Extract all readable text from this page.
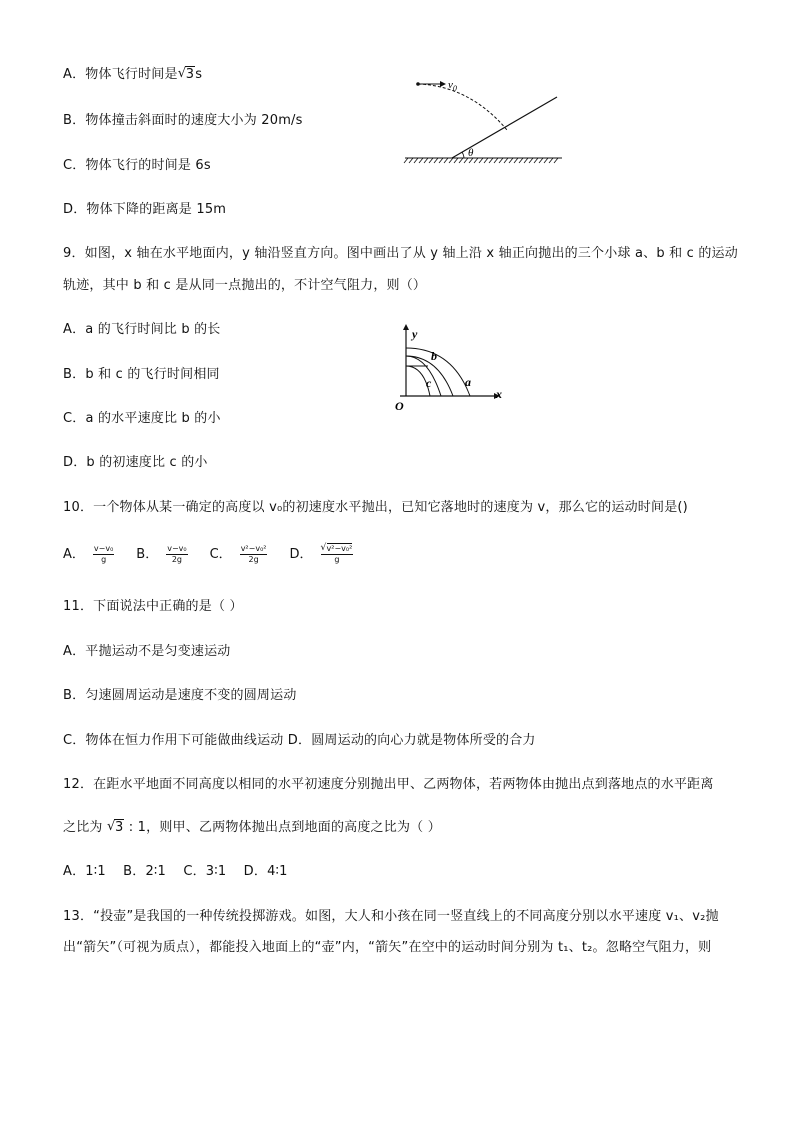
A．物体飞行时间是 √ 3s
B．物体撞击斜面时的速度大小为 20m/s
C．物体飞行的时间是 6s
D．物体下降的距离是 15m
$v_0$
θ
9．如图，x 轴在水平地面内，y 轴沿竖直方向。图中画出了从 y 轴上沿 x 轴正向抛出的三个小球 a、b 和 c 的运动
轨迹，其中 b 和 c 是从同一点抛出的，不计空气阻力，则（）
A．a 的飞行时间比 b 的长
B．b 和 c 的飞行时间相同
C．a 的水平速度比 b 的小
D．b 的初速度比 c 的小
y
x
O
b
c	a
10．一个物体从某一确定的高度以 v₀的初速度水平抛出，已知它落地时的速度为 v，那么它的运动时间是()
A． $\frac{\text{v−v₀}}{g}$ B． $\frac{\text{v−v₀}}{2g}$ C． $\frac{\text{v²−v₀²}}{2g}$ D． $\frac{\text{√ v²−v₀²}}{g}$
11．下面说法中正确的是（ ）
A．平抛运动不是匀变速运动
B．匀速圆周运动是速度不变的圆周运动
C．物体在恒力作用下可能做曲线运动 D．圆周运动的向心力就是物体所受的合力
12．在距水平地面不同高度以相同的水平初速度分别抛出甲、乙两物体，若两物体由抛出点到落地点的水平距离
之比为 √ 3 : 1，则甲、乙两物体抛出点到地面的高度之比为（ ）
A．1∶1    B．2∶1    C．3∶1    D．4∶1
13．“投壶”是我国的一种传统投掷游戏。如图，大人和小孩在同一竖直线上的不同高度分别以水平速度 v₁、v₂抛
出“箭矢”（可视为质点），都能投入地面上的“壶”内，“箭矢”在空中的运动时间分别为 t₁、t₂。忽略空气阻力，则
